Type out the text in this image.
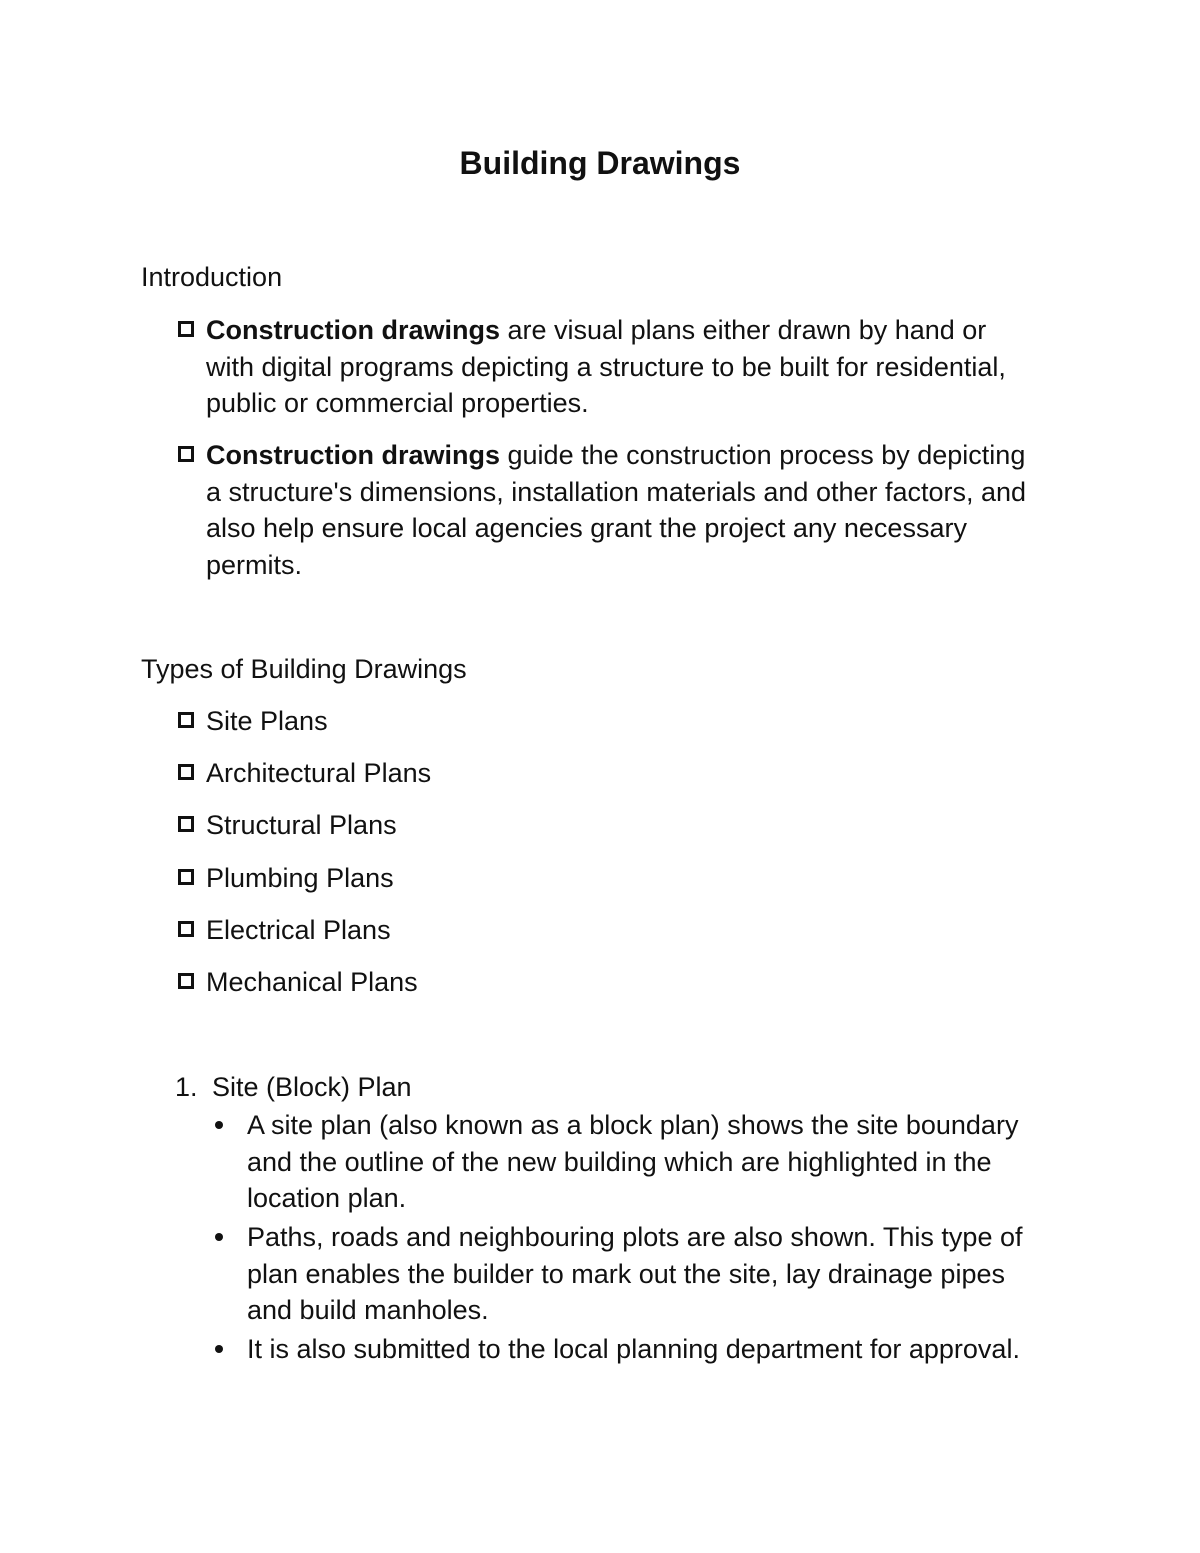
Building Drawings
Introduction
Construction drawings are visual plans either drawn by hand or with digital programs depicting a structure to be built for residential, public or commercial properties.
Construction drawings guide the construction process by depicting a structure's dimensions, installation materials and other factors, and also help ensure local agencies grant the project any necessary permits.
Types of Building Drawings
Site Plans
Architectural Plans
Structural Plans
Plumbing Plans
Electrical Plans
Mechanical Plans
1. Site (Block) Plan
A site plan (also known as a block plan) shows the site boundary and the outline of the new building which are highlighted in the location plan.
Paths, roads and neighbouring plots are also shown. This type of plan enables the builder to mark out the site, lay drainage pipes and build manholes.
It is also submitted to the local planning department for approval.
